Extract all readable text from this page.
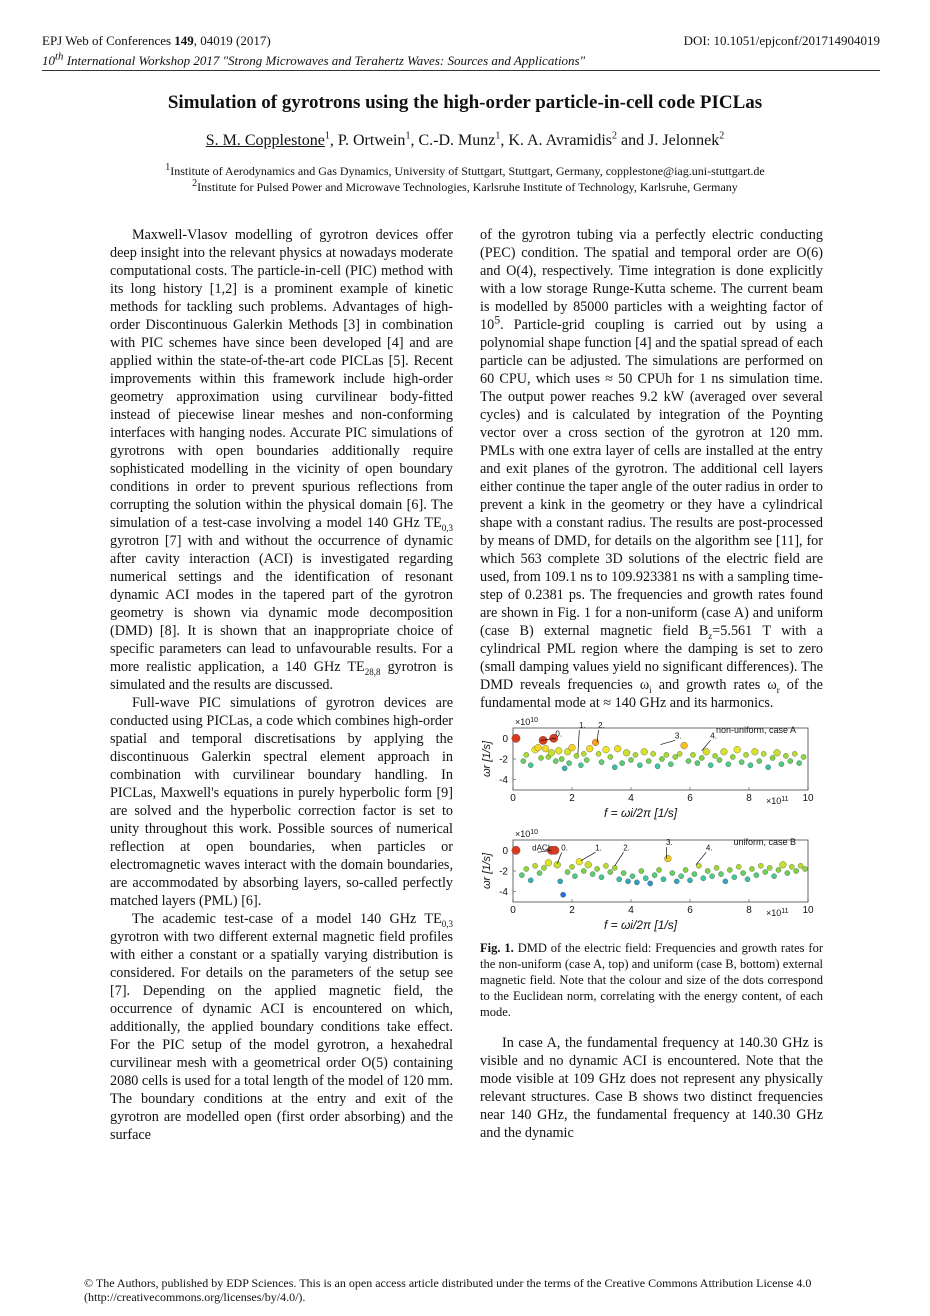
EPJ Web of Conferences 149, 04019 (2017)	DOI: 10.1051/epjconf/201714904019
10th International Workshop 2017 "Strong Microwaves and Terahertz Waves: Sources and Applications"
Simulation of gyrotrons using the high-order particle-in-cell code PICLas
S. M. Copplestone$^1$, P. Ortwein$^1$, C.-D. Munz$^1$, K. A. Avramidis$^2$ and J. Jelonnek$^2$
$^1$Institute of Aerodynamics and Gas Dynamics, University of Stuttgart, Stuttgart, Germany, copplestone@iag.uni-stuttgart.de
$^2$Institute for Pulsed Power and Microwave Technologies, Karlsruhe Institute of Technology, Karlsruhe, Germany

Maxwell-Vlasov modelling of gyrotron devices offer deep insight into the relevant physics at nowadays moderate computational costs. The particle-in-cell (PIC) method with its long history [1,2] is a prominent example of kinetic methods for tackling such problems. Advantages of high-order Discontinuous Galerkin Methods [3] in combination with PIC schemes have since been developed [4] and are applied within the state-of-the-art code PICLas [5]. Recent improvements within this framework include high-order geometry approximation using curvilinear body-fitted instead of piecewise linear meshes and non-conforming interfaces with hanging nodes. Accurate PIC simulations of gyrotrons with open boundaries additionally require sophisticated modelling in the vicinity of open boundary conditions in order to prevent spurious reflections from corrupting the solution within the physical domain [6]. The simulation of a test-case involving a model 140 GHz $TE_{0,3}$ gyrotron [7] with and without the occurrence of dynamic after cavity interaction (ACI) is investigated regarding numerical settings and the identification of resonant dynamic ACI modes in the tapered part of the gyrotron geometry is shown via dynamic mode decomposition (DMD) [8]. It is shown that an inappropriate choice of specific parameters can lead to unfavourable results. For a more realistic application, a 140 GHz $TE_{28,8}$ gyrotron is simulated and the results are discussed.

Full-wave PIC simulations of gyrotron devices are conducted using PICLas, a code which combines high-order spatial and temporal discretisations by applying the discontinuous Galerkin spectral element approach in combination with curvilinear boundary handling. In PICLas, Maxwell's equations in purely hyperbolic form [9] are solved and the hyperbolic correction factor is set to unity throughout this work. Possible sources of numerical reflection at open boundaries, when particles or electromagnetic waves interact with the domain boundaries, are accommodated by absorbing layers, so-called perfectly matched layers (PML) [6].

The academic test-case of a model 140 GHz $TE_{0,3}$ gyrotron with two different external magnetic field profiles with either a constant or a spatially varying distribution is considered. For details on the parameters of the setup see [7]. Depending on the applied magnetic field, the occurrence of dynamic ACI is encountered on which, additionally, the applied boundary conditions take effect. For the PIC setup of the model gyrotron, a hexahedral curvilinear mesh with a geometrical order O(5) containing 2080 cells is used for a total length of the model of 120 mm. The boundary conditions at the entry and exit of the gyrotron are modelled open (first order absorbing) and the surface

of the gyrotron tubing via a perfectly electric conducting (PEC) condition. The spatial and temporal order are O(6) and O(4), respectively. Time integration is done explicitly with a low storage Runge-Kutta scheme. The current beam is modelled by 85000 particles with a weighting factor of $10^5$. Particle-grid coupling is carried out by using a polynomial shape function [4] and the spatial spread of each particle can be adjusted. The simulations are performed on 60 CPU, which uses ≈ 50 CPUh for 1 ns simulation time. The output power reaches 9.2 kW (averaged over several cycles) and is calculated by integration of the Poynting vector over a cross section of the gyrotron at 120 mm. PMLs with one extra layer of cells are installed at the entry and exit planes of the gyrotron. The additional cell layers either continue the taper angle of the outer radius in order to prevent a kink in the geometry or they have a cylindrical shape with a constant radius. The results are post-processed by means of DMD, for details on the algorithm see [11], for which 563 complete 3D solutions of the electric field are used, from 109.1 ns to 109.923381 ns with a sampling time-step of 0.2381 ps. The frequencies and growth rates found are shown in Fig. 1 for a non-uniform (case A) and uniform (case B) external magnetic field $B_z=5.561$ T with a cylindrical PML region where the damping is set to zero (small damping values yield no significant differences). The DMD reveals frequencies $\omega_i$ and growth rates $\omega_r$ of the fundamental mode at ≈ 140 GHz and its harmonics.

0	2	4	6	8	10
0
-2
-4
$\times 10^{10}$
$\times 10^{11}$
ωr [1/s]
f = ωi/2π [1/s]
non-uniform, case A
0.
1. 2.
3.	4.
0	2	4	6	8	10
0
-2
-4
$\times 10^{10}$
$\times 10^{11}$
ωr [1/s]
f = ωi/2π [1/s]
uniform, case B
dACI 0.	1.	2.
3.
4.

Fig. 1. DMD of the electric field: Frequencies and growth rates for the non-uniform (case A, top) and uniform (case B, bottom) external magnetic field. Note that the colour and size of the dots correspond to the Euclidean norm, correlating with the energy content, of each mode.

In case A, the fundamental frequency at 140.30 GHz is visible and no dynamic ACI is encountered. Note that the mode visible at 109 GHz does not represent any physically relevant structures. Case B shows two distinct frequencies near 140 GHz, the fundamental frequency at 140.30 GHz and the dynamic

© The Authors, published by EDP Sciences. This is an open access article distributed under the terms of the Creative Commons Attribution License 4.0 (http://creativecommons.org/licenses/by/4.0/).
